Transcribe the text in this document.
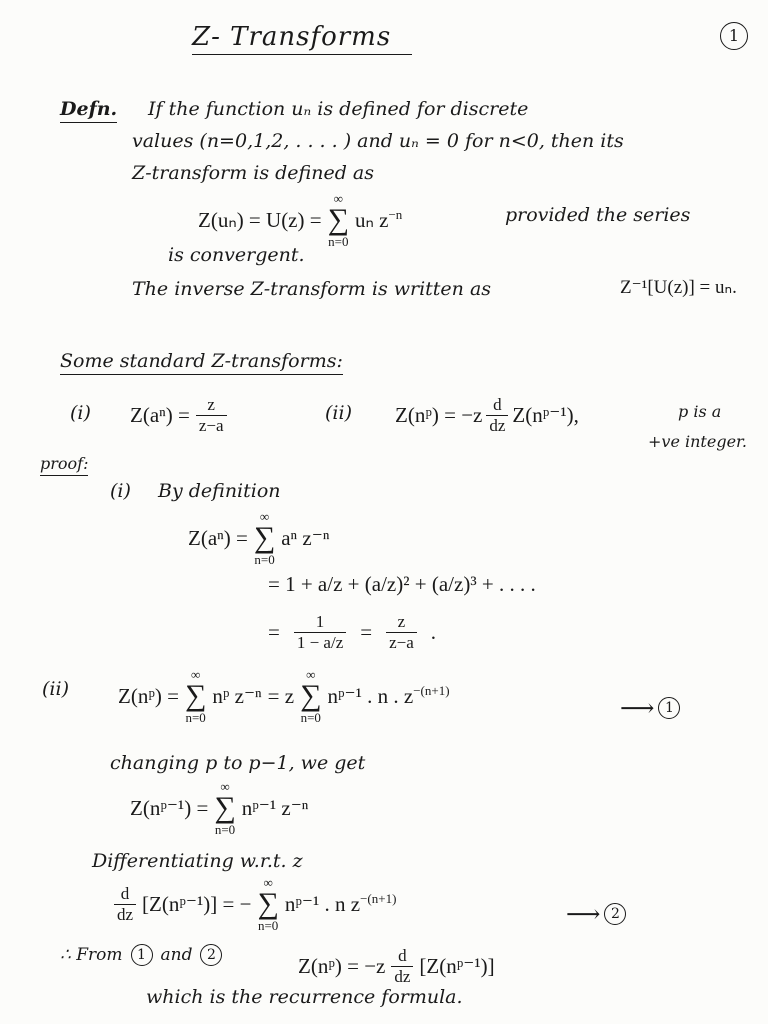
Z- Transforms	1
Defn. If the function uₙ is defined for discrete
values (n=0,1,2, . . . . ) and uₙ = 0 for n<0, then its
Z-transform is defined as
Z(uₙ) = U(z) =
∞
∑
n=0
uₙ $z^{-n}$	provided the series
is convergent.
The inverse Z-transform is written as	Z⁻¹[U(z)] = uₙ.
Some standard Z-transforms:
(i) $Z(a^n) = \frac{z}{z-a}$	(ii) Z(nᵖ) = $-z \frac{d}{dz}$ Z(nᵖ⁻¹),	p is a
+ve integer.
proof:
(i) By definition
Z(aⁿ) =
∞
∑
n=0
aⁿ z⁻ⁿ
= 1 + a/z + (a/z)² + (a/z)³ + . . . .
= $\frac{1}{1 - a/z} = \frac{z}{z-a}$ .
(ii) Z(nᵖ) =
∞
∑
n=0
nᵖ z⁻ⁿ = z
∞
∑
n=0
nᵖ⁻¹ . n . $z^{-(n+1)}$
⟶ 1
changing p to p−1, we get
Z(nᵖ⁻¹) =
∞
∑
n=0
nᵖ⁻¹ z⁻ⁿ
Differentiating w.r.t. z
$\frac{d}{dz}$ [Z(nᵖ⁻¹)] = −
∞
∑
n=0
nᵖ⁻¹ . n $z^{-(n+1)}$
⟶ 2
∴ From	1 and	2	Z(nᵖ) = $-z \frac{d}{dz}$ [Z(nᵖ⁻¹)]
which is the recurrence formula.
